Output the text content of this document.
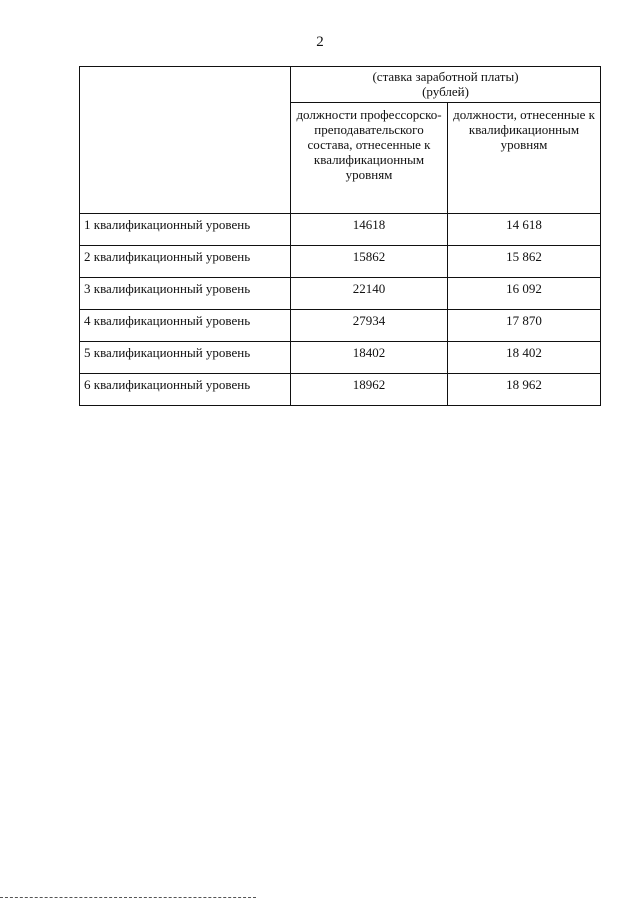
2

	(ставка заработной платы)
(рублей)	

	должности профессорско-преподавательского состава, отнесенные к квалификационным уровням	должности, отнесенные к квалификационным уровням

1 квалификационный уровень	14618	14 618
2 квалификационный уровень	15862	15 862
3 квалификационный уровень	22140	16 092
4 квалификационный уровень	27934	17 870
5 квалификационный уровень	18402	18 402
6 квалификационный уровень	18962	18 962
